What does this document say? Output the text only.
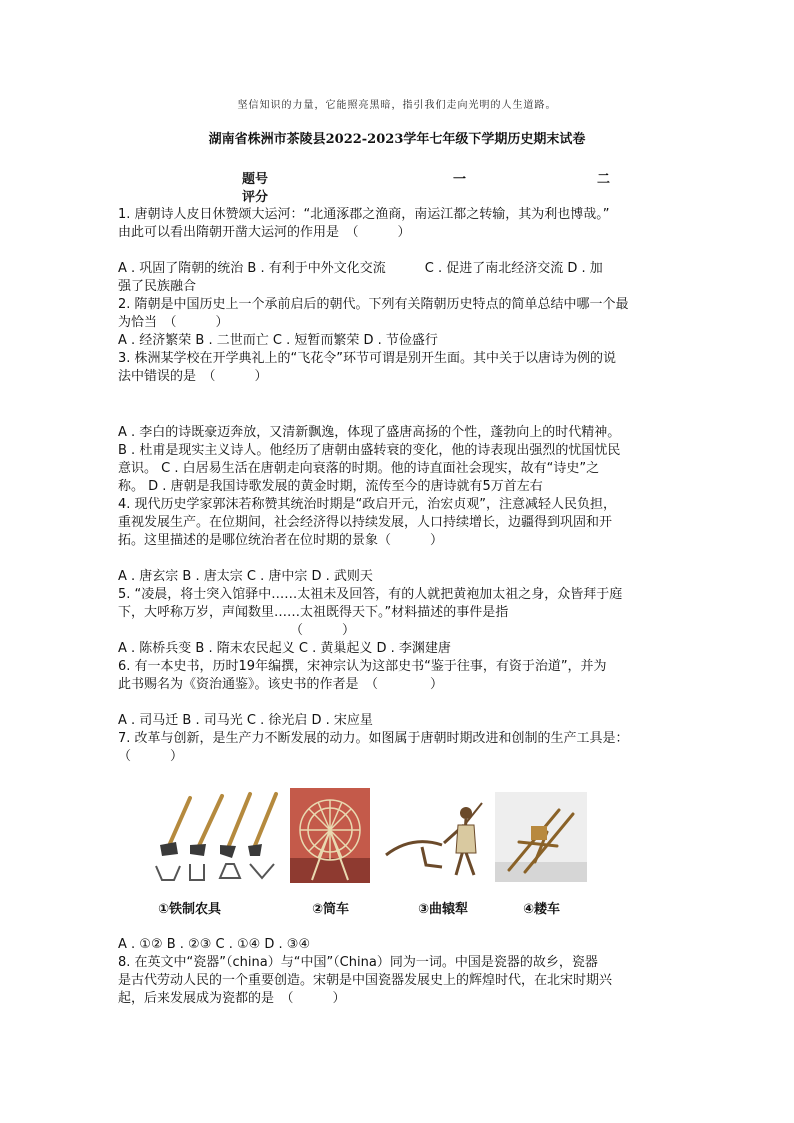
坚信知识的力量，它能照亮黑暗，指引我们走向光明的人生道路。
湖南省株洲市茶陵县2022-2023学年七年级下学期历史期末试卷
题号	一	二
评分
1. 唐朝诗人皮日休赞颂大运河：“北通涿郡之渔商，南运江都之转输，其为利也博哉。”
由此可以看出隋朝开凿大运河的作用是　（　　　）
A . 巩固了隋朝的统治 B . 有利于中外文化交流　　　C . 促进了南北经济交流 D . 加
强了民族融合
2. 隋朝是中国历史上一个承前启后的朝代。下列有关隋朝历史特点的简单总结中哪一个最
为恰当　（　　　）
A . 经济繁荣 B . 二世而亡 C . 短暂而繁荣 D . 节俭盛行
3. 株洲某学校在开学典礼上的“飞花令”环节可谓是别开生面。其中关于以唐诗为例的说
法中错误的是　（　　　）
A . 李白的诗既豪迈奔放，又清新飘逸，体现了盛唐高扬的个性，蓬勃向上的时代精神。
B . 杜甫是现实主义诗人。他经历了唐朝由盛转衰的变化，他的诗表现出强烈的忧国忧民
意识。 C . 白居易生活在唐朝走向衰落的时期。他的诗直面社会现实，故有“诗史”之
称。 D . 唐朝是我国诗歌发展的黄金时期，流传至今的唐诗就有5万首左右
4. 现代历史学家郭沫若称赞其统治时期是“政启开元，治宏贞观”，注意减轻人民负担，
重视发展生产。在位期间，社会经济得以持续发展，人口持续增长，边疆得到巩固和开
拓。这里描述的是哪位统治者在位时期的景象（　　　）
A . 唐玄宗 B . 唐太宗 C . 唐中宗 D . 武则天
5. “凌晨，将士突入馆驿中……太祖未及回答，有的人就把黄袍加太祖之身，众皆拜于庭
下，大呼称万岁，声闻数里……太祖既得天下。”材料描述的事件是指
（　　　）
A . 陈桥兵变 B . 隋末农民起义 C . 黄巢起义 D . 李渊建唐
6. 有一本史书，历时19年编撰，宋神宗认为这部史书“鉴于往事，有资于治道”，并为
此书赐名为《资治通鉴》。该史书的作者是　（　　　　）
A . 司马迁 B . 司马光 C . 徐光启 D . 宋应星
7. 改革与创新，是生产力不断发展的动力。如图属于唐朝时期改进和创制的生产工具是：
（　　　）
A . ①② B . ②③ C . ①④ D . ③④
8. 在英文中“瓷器”（china）与“中国”（China）同为一词。中国是瓷器的故乡，瓷器
是古代劳动人民的一个重要创造。宋朝是中国瓷器发展史上的辉煌时代，在北宋时期兴
起，后来发展成为瓷都的是　（　　　）
①铁制农具	②筒车	③曲辕犁	④耧车
